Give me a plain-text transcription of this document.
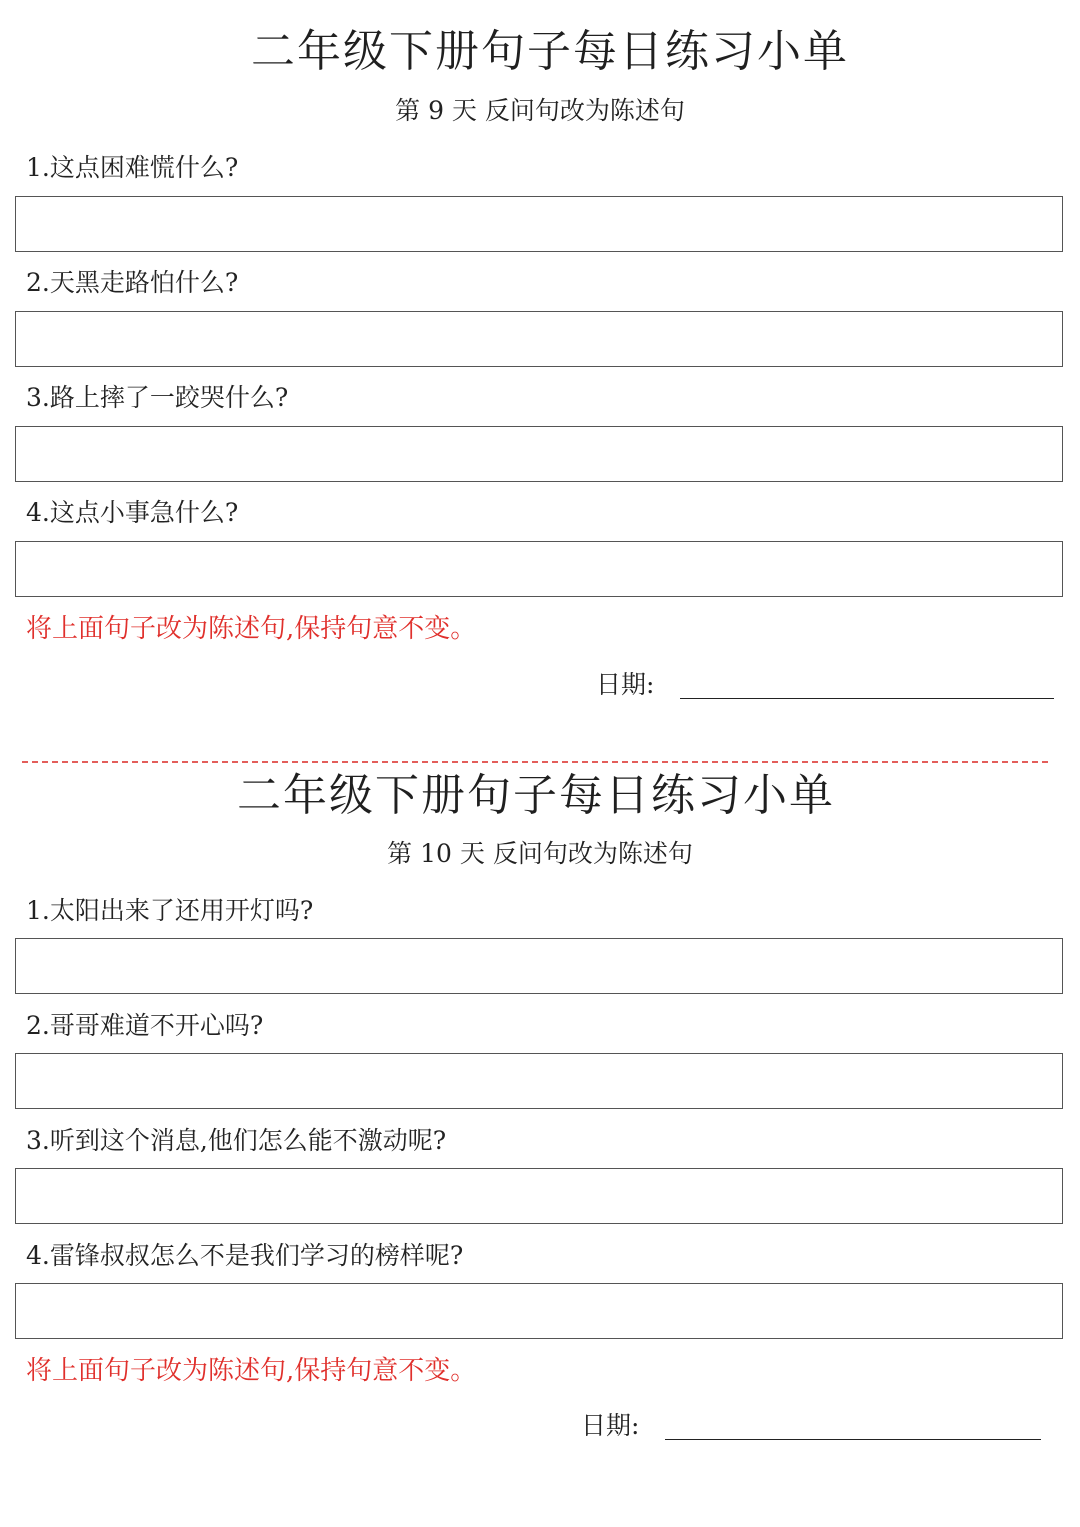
二年级下册句子每日练习小单
第 9 天 反问句改为陈述句
1.这点困难慌什么?
2.天黑走路怕什么?
3.路上摔了一跤哭什么?
4.这点小事急什么?
将上面句子改为陈述句,保持句意不变。
日期:
二年级下册句子每日练习小单
第 10 天 反问句改为陈述句
1.太阳出来了还用开灯吗?
2.哥哥难道不开心吗?
3.听到这个消息,他们怎么能不激动呢?
4.雷锋叔叔怎么不是我们学习的榜样呢?
将上面句子改为陈述句,保持句意不变。
日期:
